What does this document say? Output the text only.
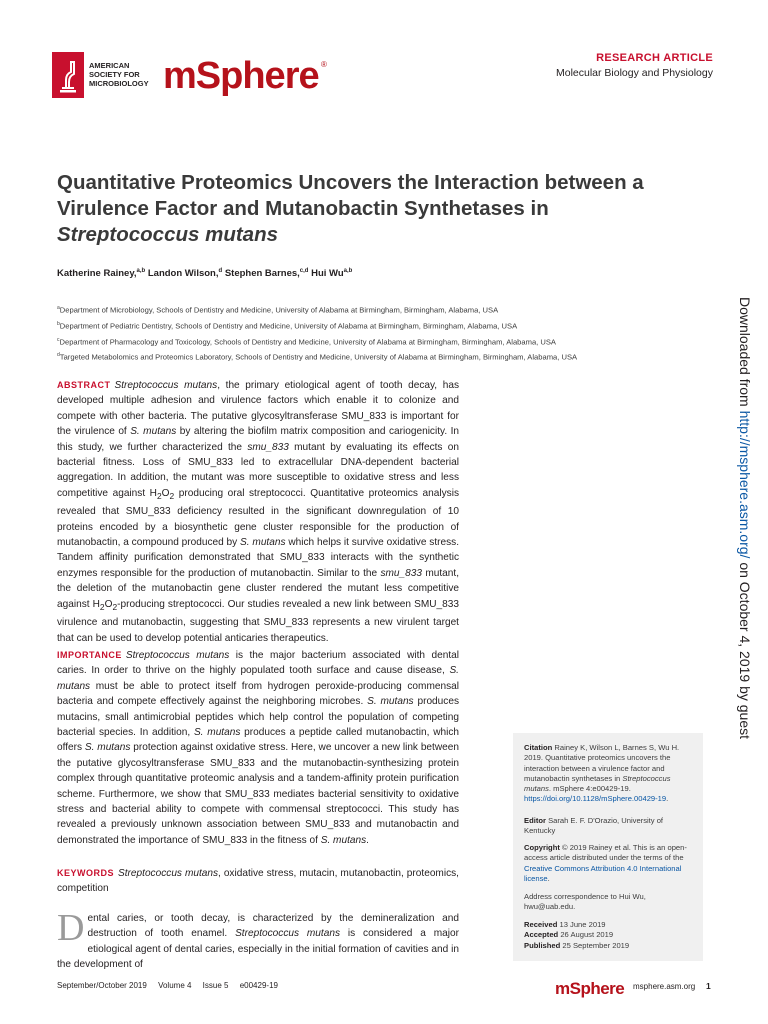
AMERICAN
SOCIETY FOR
MICROBIOLOGY mSphere ®
RESEARCH ARTICLE
Molecular Biology and Physiology
Quantitative Proteomics Uncovers the Interaction between a
Virulence Factor and Mutanobactin Synthetases in
Streptococcus mutans
Katherine Rainey,$^{a,b}$ Landon Wilson,$^d$ Stephen Barnes,$^{c,d}$ Hui Wu$^{a,b}$
$^a$Department of Microbiology, Schools of Dentistry and Medicine, University of Alabama at Birmingham, Birmingham, Alabama, USA
$^b$Department of Pediatric Dentistry, Schools of Dentistry and Medicine, University of Alabama at Birmingham, Birmingham, Alabama, USA
$^c$Department of Pharmacology and Toxicology, Schools of Dentistry and Medicine, University of Alabama at Birmingham, Birmingham, Alabama, USA
$^d$Targeted Metabolomics and Proteomics Laboratory, Schools of Dentistry and Medicine, University of Alabama at Birmingham, Birmingham, Alabama, USA
ABSTRACT Streptococcus mutans, the primary etiological agent of tooth decay, has developed multiple adhesion and virulence factors which enable it to colonize and compete with other bacteria. The putative glycosyltransferase SMU_833 is important for the virulence of S. mutans by altering the biofilm matrix composition and cariogenicity. In this study, we further characterized the smu_833 mutant by evaluating its effects on bacterial fitness. Loss of SMU_833 led to extracellular DNA-dependent bacterial aggregation. In addition, the mutant was more susceptible to oxidative stress and less competitive against $H_2O_2$ producing oral streptococci. Quantitative proteomics analysis revealed that SMU_833 deficiency resulted in the significant downregulation of 10 proteins encoded by a biosynthetic gene cluster responsible for the production of mutanobactin, a compound produced by S. mutans which helps it survive oxidative stress. Tandem affinity purification demonstrated that SMU_833 interacts with the synthetic enzymes responsible for the production of mutanobactin. Similar to the smu_833 mutant, the deletion of the mutanobactin gene cluster rendered the mutant less competitive against $H_2O_2$-producing streptococci. Our studies revealed a new link between SMU_833 virulence and mutanobactin, suggesting that SMU_833 represents a new virulent target that can be used to develop potential anticaries therapeutics.
IMPORTANCE Streptococcus mutans is the major bacterium associated with dental caries. In order to thrive on the highly populated tooth surface and cause disease, S. mutans must be able to protect itself from hydrogen peroxide-producing commensal bacteria and compete effectively against the neighboring microbes. S. mutans produces mutacins, small antimicrobial peptides which help control the population of competing bacterial species. In addition, S. mutans produces a peptide called mutanobactin, which offers S. mutans protection against oxidative stress. Here, we uncover a new link between the putative glycosyltransferase SMU_833 and the mutanobactin-synthesizing protein complex through quantitative proteomic analysis and a tandem-affinity protein purification scheme. Furthermore, we show that SMU_833 mediates bacterial sensitivity to oxidative stress and bacterial ability to compete with commensal streptococci. This study has revealed a previously unknown association between SMU_833 and mutanobactin and demonstrated the importance of SMU_833 in the fitness of S. mutans.
KEYWORDS Streptococcus mutans, oxidative stress, mutacin, mutanobactin, proteomics, competition
Dental caries, or tooth decay, is characterized by the demineralization and destruction of tooth enamel. Streptococcus mutans is considered a major etiological agent of dental caries, especially in the initial formation of cavities and in the development of
Citation Rainey K, Wilson L, Barnes S, Wu H. 2019. Quantitative proteomics uncovers the interaction between a virulence factor and mutanobactin synthetases in Streptococcus mutans. mSphere 4:e00429-19. https://doi.org/10.1128/mSphere.00429-19.
Editor Sarah E. F. D'Orazio, University of Kentucky
Copyright © 2019 Rainey et al. This is an open-access article distributed under the terms of the Creative Commons Attribution 4.0 International license.
Address correspondence to Hui Wu, hwu@uab.edu.
Received 13 June 2019
Accepted 26 August 2019
Published 25 September 2019
Downloaded from http://msphere.asm.org/ on October 4, 2019 by guest
September/October 2019 Volume 4 Issue 5 e00429-19	mSphere msphere.asm.org 1
